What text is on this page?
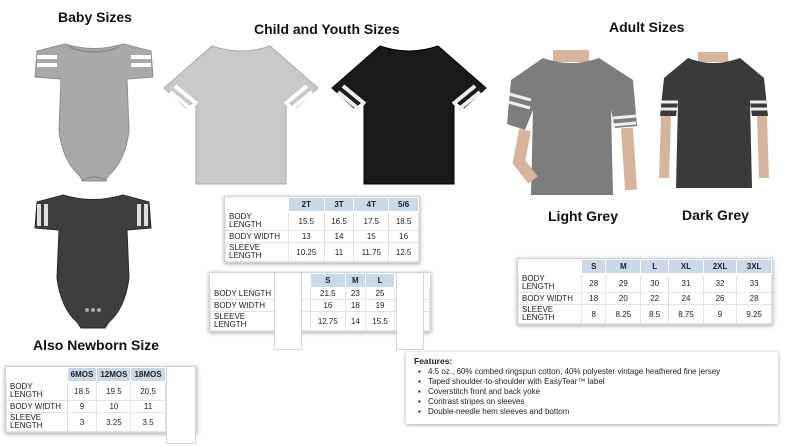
Baby Sizes
Child and Youth Sizes	Adult Sizes
Also Newborn Size
Light Grey	Dark Grey
	2T	3T	4T	5/6
BODY LENGTH	15.5	16.5	17.5	18.5
BODY WIDTH	13	14	15	16
SLEEVE LENGTH	10.25	11	11.75	12.5
		S	M	L	
BODY LENGTH		21.5	23	25	
BODY WIDTH		16	18	19	
SLEEVE LENGTH		12.75	14	15.5	
	S	M	L	XL	2XL	3XL
BODY LENGTH	28	29	30	31	32	33
BODY WIDTH	18	20	22	24	26	28
SLEEVE LENGTH	8	8.25	8.5	8.75	9	9.25
	6MOS	12MOS	18MOS	
BODY LENGTH	18.5	19.5	20.5	
BODY WIDTH	9	10	11	
SLEEVE LENGTH	3	3.25	3.5	
Features:
▪ 4.5 oz., 60% combed ringspun cotton, 40% polyester vintage heathered fine jersey
▪ Taped shoulder-to-shoulder with EasyTear™ label
▪ Coverstitch front and back yoke
▪ Contrast stripes on sleeves
▪ Double-needle hem sleeves and bottom
